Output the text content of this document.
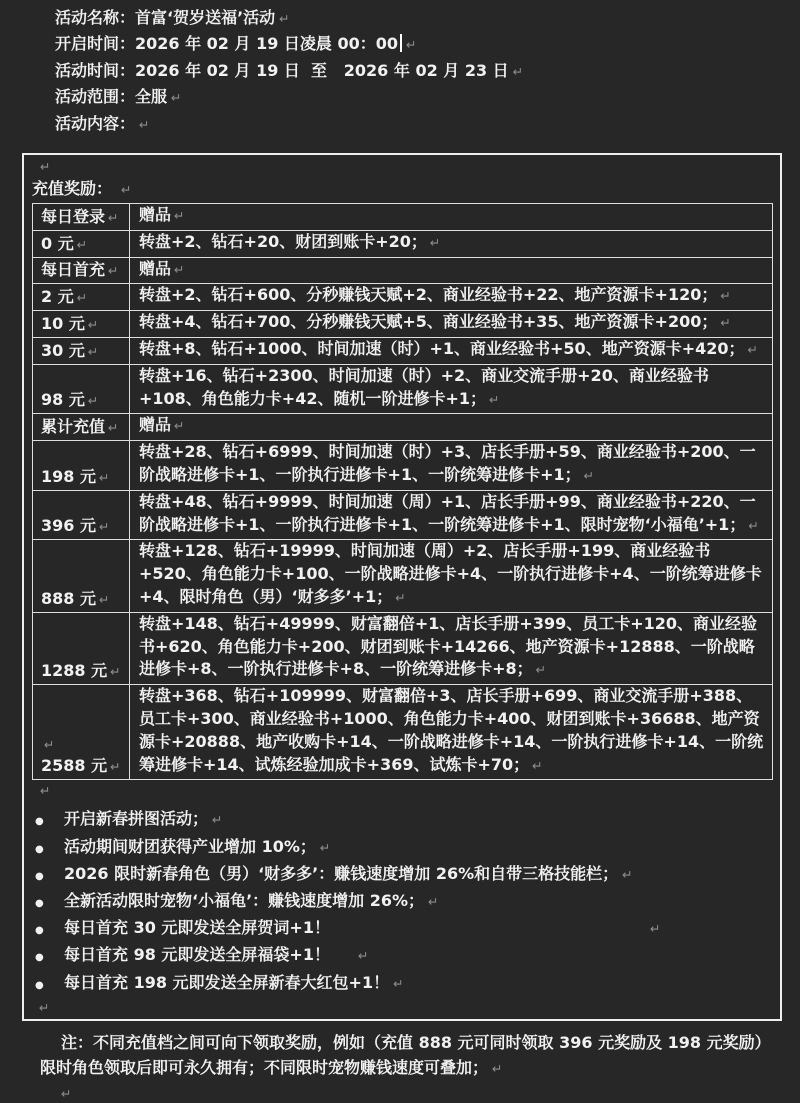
活动名称：首富‘贺岁送福’活动 ↵
开启时间：2026 年 02 月 19 日凌晨 00：00 ↵
活动时间：2026 年 02 月 19 日  至   2026 年 02 月 23 日 ↵
活动范围：全服 ↵
活动内容： ↵
↵
充值奖励： ↵
每日登录 ↵	赠品 ↵

0 元 ↵	转盘+2、钻石+20、财团到账卡+20； ↵

每日首充 ↵	赠品 ↵

2 元 ↵	转盘+2、钻石+600、分秒赚钱天赋+2、商业经验书+22、地产资源卡+120； ↵

10 元 ↵	转盘+4、钻石+700、分秒赚钱天赋+5、商业经验书+35、地产资源卡+200； ↵

30 元 ↵	转盘+8、钻石+1000、时间加速（时）+1、商业经验书+50、地产资源卡+420； ↵

98 元 ↵	转盘+16、钻石+2300、时间加速（时）+2、商业交流手册+20、商业经验书+108、角色能力卡+42、随机一阶进修卡+1； ↵

累计充值 ↵	赠品 ↵

198 元 ↵	转盘+28、钻石+6999、时间加速（时）+3、店长手册+59、商业经验书+200、一阶战略进修卡+1、一阶执行进修卡+1、一阶统筹进修卡+1； ↵

396 元 ↵	转盘+48、钻石+9999、时间加速（周）+1、店长手册+99、商业经验书+220、一阶战略进修卡+1、一阶执行进修卡+1、一阶统筹进修卡+1、限时宠物‘小福龟’+1； ↵

888 元 ↵	转盘+128、钻石+19999、时间加速（周）+2、店长手册+199、商业经验书+520、角色能力卡+100、一阶战略进修卡+4、一阶执行进修卡+4、一阶统筹进修卡+4、限时角色（男）‘财多多’+1； ↵

1288 元 ↵	转盘+148、钻石+49999、财富翻倍+1、店长手册+399、员工卡+120、商业经验书+620、角色能力卡+200、财团到账卡+14266、地产资源卡+12888、一阶战略进修卡+8、一阶执行进修卡+8、一阶统筹进修卡+8； ↵

↵
2588 元 ↵	转盘+368、钻石+109999、财富翻倍+3、店长手册+699、商业交流手册+388、员工卡+300、商业经验书+1000、角色能力卡+400、财团到账卡+36688、地产资源卡+20888、地产收购卡+14、一阶战略进修卡+14、一阶执行进修卡+14、一阶统筹进修卡+14、试炼经验加成卡+369、试炼卡+70； ↵
↵
●	开启新春拼图活动； ↵
●	活动期间财团获得产业增加 10%； ↵
●	2026 限时新春角色（男）‘财多多’：赚钱速度增加 26%和自带三格技能栏； ↵
●	全新活动限时宠物‘小福龟’：赚钱速度增加 26%； ↵
●	每日首充 30 元即发送全屏贺词+1！	↵
●	每日首充 98 元即发送全屏福袋+1！ ↵
●	每日首充 198 元即发送全屏新春大红包+1！ ↵
↵
注：不同充值档之间可向下领取奖励，例如（充值 888 元可同时领取 396 元奖励及 198 元奖励）限时角色领取后即可永久拥有；不同限时宠物赚钱速度可叠加； ↵
↵
